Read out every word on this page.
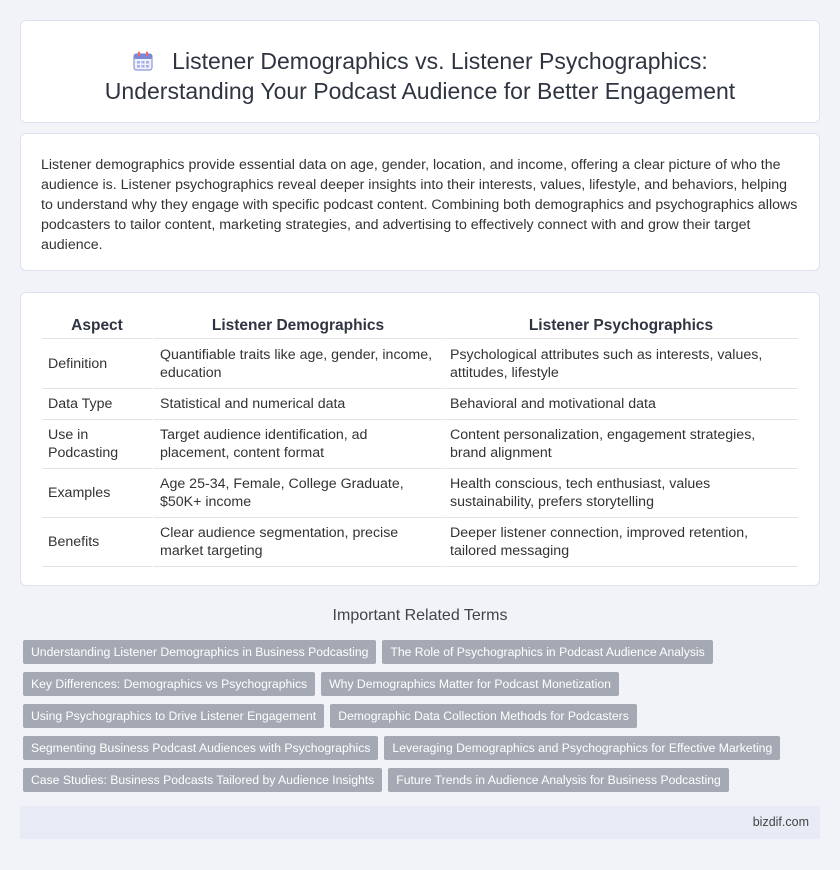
Listener Demographics vs. Listener Psychographics:
Understanding Your Podcast Audience for Better Engagement

Listener demographics provide essential data on age, gender, location, and income, offering a clear picture of who the audience is. Listener psychographics reveal deeper insights into their interests, values, lifestyle, and behaviors, helping to understand why they engage with specific podcast content. Combining both demographics and psychographics allows podcasters to tailor content, marketing strategies, and advertising to effectively connect with and grow their target audience.

Aspect	Listener Demographics	Listener Psychographics
Definition	Quantifiable traits like age, gender, income, education	Psychological attributes such as interests, values, attitudes, lifestyle
Data Type	Statistical and numerical data	Behavioral and motivational data
Use in Podcasting	Target audience identification, ad placement, content format	Content personalization, engagement strategies, brand alignment
Examples	Age 25-34, Female, College Graduate, $50K+ income	Health conscious, tech enthusiast, values sustainability, prefers storytelling
Benefits	Clear audience segmentation, precise market targeting	Deeper listener connection, improved retention, tailored messaging
Important Related Terms
Understanding Listener Demographics in Business Podcasting The Role of Psychographics in Podcast Audience Analysis
Key Differences: Demographics vs Psychographics Why Demographics Matter for Podcast Monetization
Using Psychographics to Drive Listener Engagement Demographic Data Collection Methods for Podcasters
Segmenting Business Podcast Audiences with Psychographics Leveraging Demographics and Psychographics for Effective Marketing
Case Studies: Business Podcasts Tailored by Audience Insights Future Trends in Audience Analysis for Business Podcasting
bizdif.com
